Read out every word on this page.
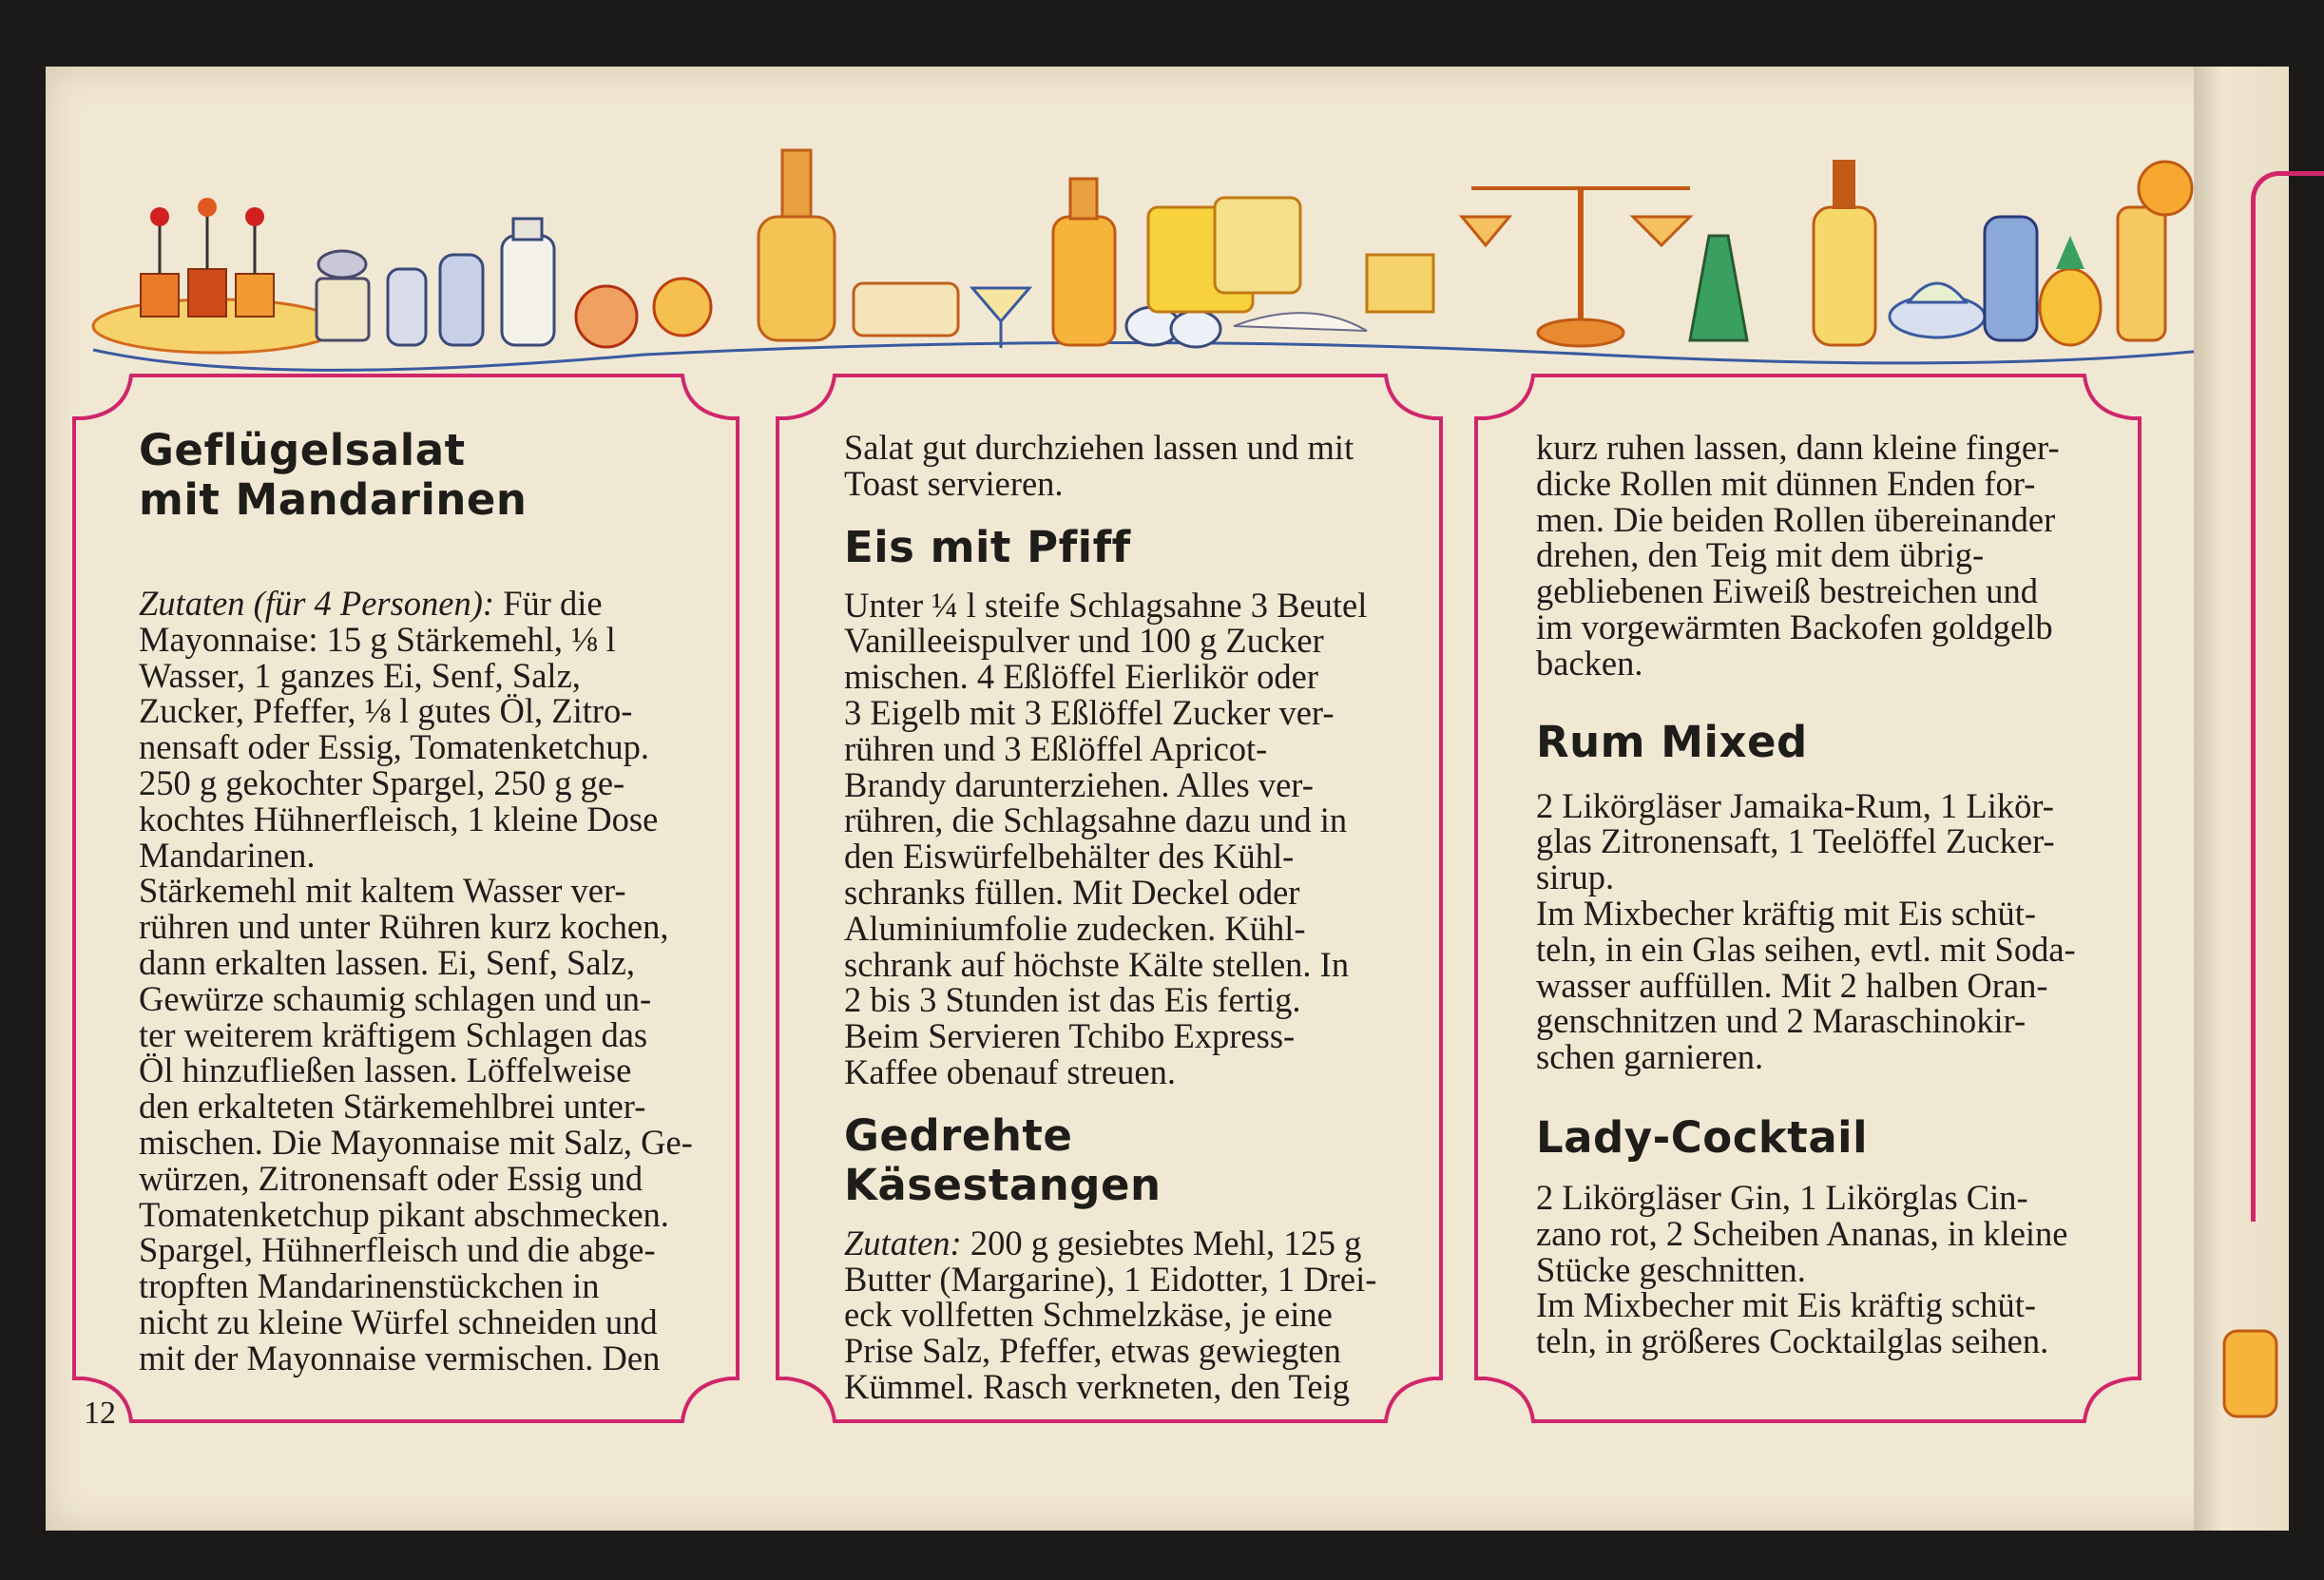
Geflügelsalat
mit Mandarinen

Zutaten (für 4 Personen): Für die

Mayonnaise: 15 g Stärkemehl, ⅛ l

Wasser, 1 ganzes Ei, Senf, Salz,

Zucker, Pfeffer, ⅛ l gutes Öl, Zitro-

nensaft oder Essig, Tomatenketchup.

250 g gekochter Spargel, 250 g ge-

kochtes Hühnerfleisch, 1 kleine Dose

Mandarinen.

Stärkemehl mit kaltem Wasser ver-

rühren und unter Rühren kurz kochen,

dann erkalten lassen. Ei, Senf, Salz,

Gewürze schaumig schlagen und un-

ter weiterem kräftigem Schlagen das

Öl hinzufließen lassen. Löffelweise

den erkalteten Stärkemehlbrei unter-

mischen. Die Mayonnaise mit Salz, Ge-

würzen, Zitronensaft oder Essig und

Tomatenketchup pikant abschmecken.

Spargel, Hühnerfleisch und die abge-

tropften Mandarinenstückchen in

nicht zu kleine Würfel schneiden und

mit der Mayonnaise vermischen. Den

Salat gut durchziehen lassen und mit

Toast servieren.

Eis mit Pfiff

Unter ¼ l steife Schlagsahne 3 Beutel

Vanilleeispulver und 100 g Zucker

mischen. 4 Eßlöffel Eierlikör oder

3 Eigelb mit 3 Eßlöffel Zucker ver-

rühren und 3 Eßlöffel Apricot-

Brandy darunterziehen. Alles ver-

rühren, die Schlagsahne dazu und in

den Eiswürfelbehälter des Kühl-

schranks füllen. Mit Deckel oder

Aluminiumfolie zudecken. Kühl-

schrank auf höchste Kälte stellen. In

2 bis 3 Stunden ist das Eis fertig.

Beim Servieren Tchibo Express-

Kaffee obenauf streuen.

Gedrehte Käsestangen

Zutaten: 200 g gesiebtes Mehl, 125 g

Butter (Margarine), 1 Eidotter, 1 Drei-

eck vollfetten Schmelzkäse, je eine

Prise Salz, Pfeffer, etwas gewiegten

Kümmel. Rasch verkneten, den Teig

kurz ruhen lassen, dann kleine finger-

dicke Rollen mit dünnen Enden for-

men. Die beiden Rollen übereinander

drehen, den Teig mit dem übrig-

gebliebenen Eiweiß bestreichen und

im vorgewärmten Backofen goldgelb

backen.

Rum Mixed

2 Likörgläser Jamaika-Rum, 1 Likör-

glas Zitronensaft, 1 Teelöffel Zucker-

sirup.

Im Mixbecher kräftig mit Eis schüt-

teln, in ein Glas seihen, evtl. mit Soda-

wasser auffüllen. Mit 2 halben Oran-

genschnitzen und 2 Maraschinokir-

schen garnieren.

Lady-Cocktail

2 Likörgläser Gin, 1 Likörglas Cin-

zano rot, 2 Scheiben Ananas, in kleine

Stücke geschnitten.

Im Mixbecher mit Eis kräftig schüt-

teln, in größeres Cocktailglas seihen.

12
